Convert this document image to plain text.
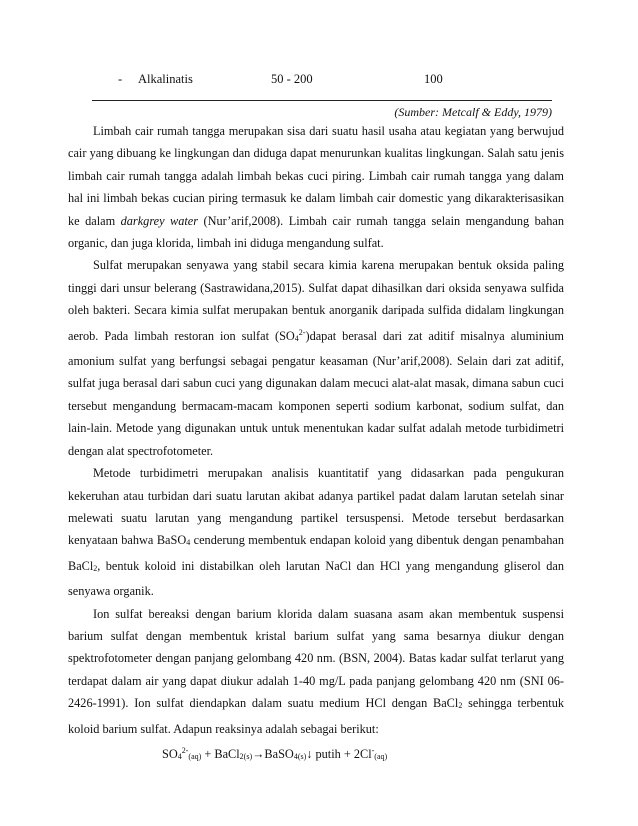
- Alkalinatis	50 - 200	100
(Sumber: Metcalf & Eddy, 1979)

Limbah cair rumah tangga merupakan sisa dari suatu hasil usaha atau kegiatan yang berwujud cair yang dibuang ke lingkungan dan diduga dapat menurunkan kualitas lingkungan. Salah satu jenis limbah cair rumah tangga adalah limbah bekas cuci piring. Limbah cair rumah tangga yang dalam hal ini limbah bekas cucian piring termasuk ke dalam limbah cair domestic yang dikarakterisasikan ke dalam darkgrey water (Nur’arif,2008). Limbah cair rumah tangga selain mengandung bahan organic, dan juga klorida, limbah ini diduga mengandung sulfat.

Sulfat merupakan senyawa yang stabil secara kimia karena merupakan bentuk oksida paling tinggi dari unsur belerang (Sastrawidana,2015). Sulfat dapat dihasilkan dari oksida senyawa sulfida oleh bakteri. Secara kimia sulfat merupakan bentuk anorganik daripada sulfida didalam lingkungan aerob. Pada limbah restoran ion sulfat $(SO4^{2-})dapat$ berasal dari zat aditif misalnya aluminium amonium sulfat yang berfungsi sebagai pengatur keasaman (Nur’arif,2008). Selain dari zat aditif, sulfat juga berasal dari sabun cuci yang digunakan dalam mecuci alat-alat masak, dimana sabun cuci tersebut mengandung bermacam-macam komponen seperti sodium karbonat, sodium sulfat, dan lain-lain. Metode yang digunakan untuk untuk menentukan kadar sulfat adalah metode turbidimetri dengan alat spectrofotometer.

Metode turbidimetri merupakan analisis kuantitatif yang didasarkan pada pengukuran kekeruhan atau turbidan dari suatu larutan akibat adanya partikel padat dalam larutan setelah sinar melewati suatu larutan yang mengandung partikel tersuspensi. Metode tersebut berdasarkan kenyataan bahwa BaSO4 cenderung membentuk endapan koloid yang dibentuk dengan penambahan BaCl2, bentuk koloid ini distabilkan oleh larutan NaCl dan HCl yang mengandung gliserol dan senyawa organik.

Ion sulfat bereaksi dengan barium klorida dalam suasana asam akan membentuk suspensi barium sulfat dengan membentuk kristal barium sulfat yang sama besarnya diukur dengan spektrofotometer dengan panjang gelombang 420 nm. (BSN, 2004). Batas kadar sulfat terlarut yang terdapat dalam air yang dapat diukur adalah 1-40 mg/L pada panjang gelombang 420 nm (SNI 06-2426-1991). Ion sulfat diendapkan dalam suatu medium HCl dengan BaCl2 sehingga terbentuk koloid barium sulfat. Adapun reaksinya adalah sebagai berikut:

$SO4^{2-}(aq)$ + BaCl2(s)→BaSO4(s)↓ putih + 2Cl-(aq)
